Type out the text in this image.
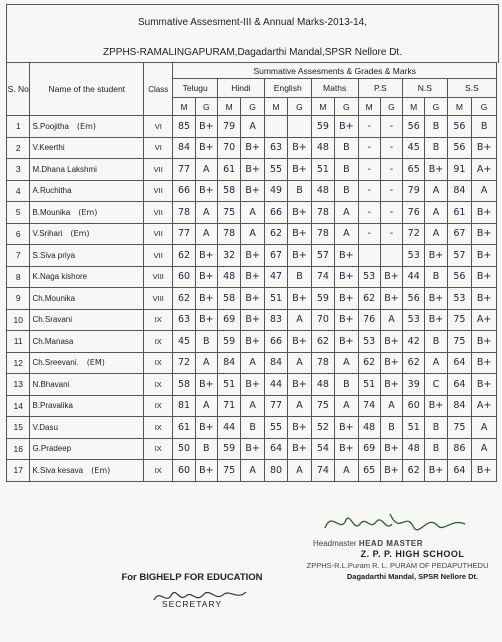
Summative Assesment-III & Annual Marks-2013-14,
ZPPHS-RAMALINGAPURAM,Dagadarthi Mandal,SPSR Nellore Dt.
S. No	Name of the student	Class	Summative Assesments & Grades & Marks													
			Telugu		Hindi		English		Maths		P.S		N.S		S.S	
			M	G	M	G	M	G	M	G	M	G	M	G	M	G
1	S.Poojitha (Em)	VI	85	B+	79	A			59	B+	-	-	56	B	56	B
2	V.Keerthi	VI	84	B+	70	B+	63	B+	48	B	-	-	45	B	56	B+
3	M.Dhana Lakshmi	VII	77	A	61	B+	55	B+	51	B	-	-	65	B+	91	A+
4	A.Ruchitha	VII	66	B+	58	B+	49	B	48	B	-	-	79	A	84	A
5	B.Mounika (Em)	VII	78	A	75	A	66	B+	78	A	-	-	76	A	61	B+
6	V.Srihari (Em)	VII	77	A	78	A	62	B+	78	A	-	-	72	A	67	B+
7	S.Siva priya	VII	62	B+	32	B+	67	B+	57	B+			53	B+	57	B+
8	K.Naga kishore	VIII	60	B+	48	B+	47	B	74	B+	53	B+	44	B	56	B+
9	Ch.Mounika	VIII	62	B+	58	B+	51	B+	59	B+	62	B+	56	B+	53	B+
10	Ch.Sravani	IX	63	B+	69	B+	83	A	70	B+	76	A	53	B+	75	A+
11	Ch.Manasa	IX	45	B	59	B+	66	B+	62	B+	53	B+	42	B	75	B+
12	Ch.Sreevani. (EM)	IX	72	A	84	A	84	A	78	A	62	B+	62	A	64	B+
13	N.Bhavani	IX	58	B+	51	B+	44	B+	48	B	51	B+	39	C	64	B+
14	B.Pravalika	IX	81	A	71	A	77	A	75	A	74	A	60	B+	84	A+
15	V.Dasu	IX	61	B+	44	B	55	B+	52	B+	48	B	51	B	75	A
16	G.Pradeep	IX	50	B	59	B+	64	B+	54	B+	69	B+	48	B	86	A
17	K.Siva kesava (Em)	IX	60	B+	75	A	80	A	74	A	65	B+	62	B+	64	B+
Headmaster HEAD MASTER
Z. P. P. HIGH SCHOOL
ZPPHS-R.L.Puram R. L. PURAM OF PEDAPUTHEDU
Dagadarthi Mandal, SPSR Nellore Dt.
For BIGHELP FOR EDUCATION
SECRETARY
